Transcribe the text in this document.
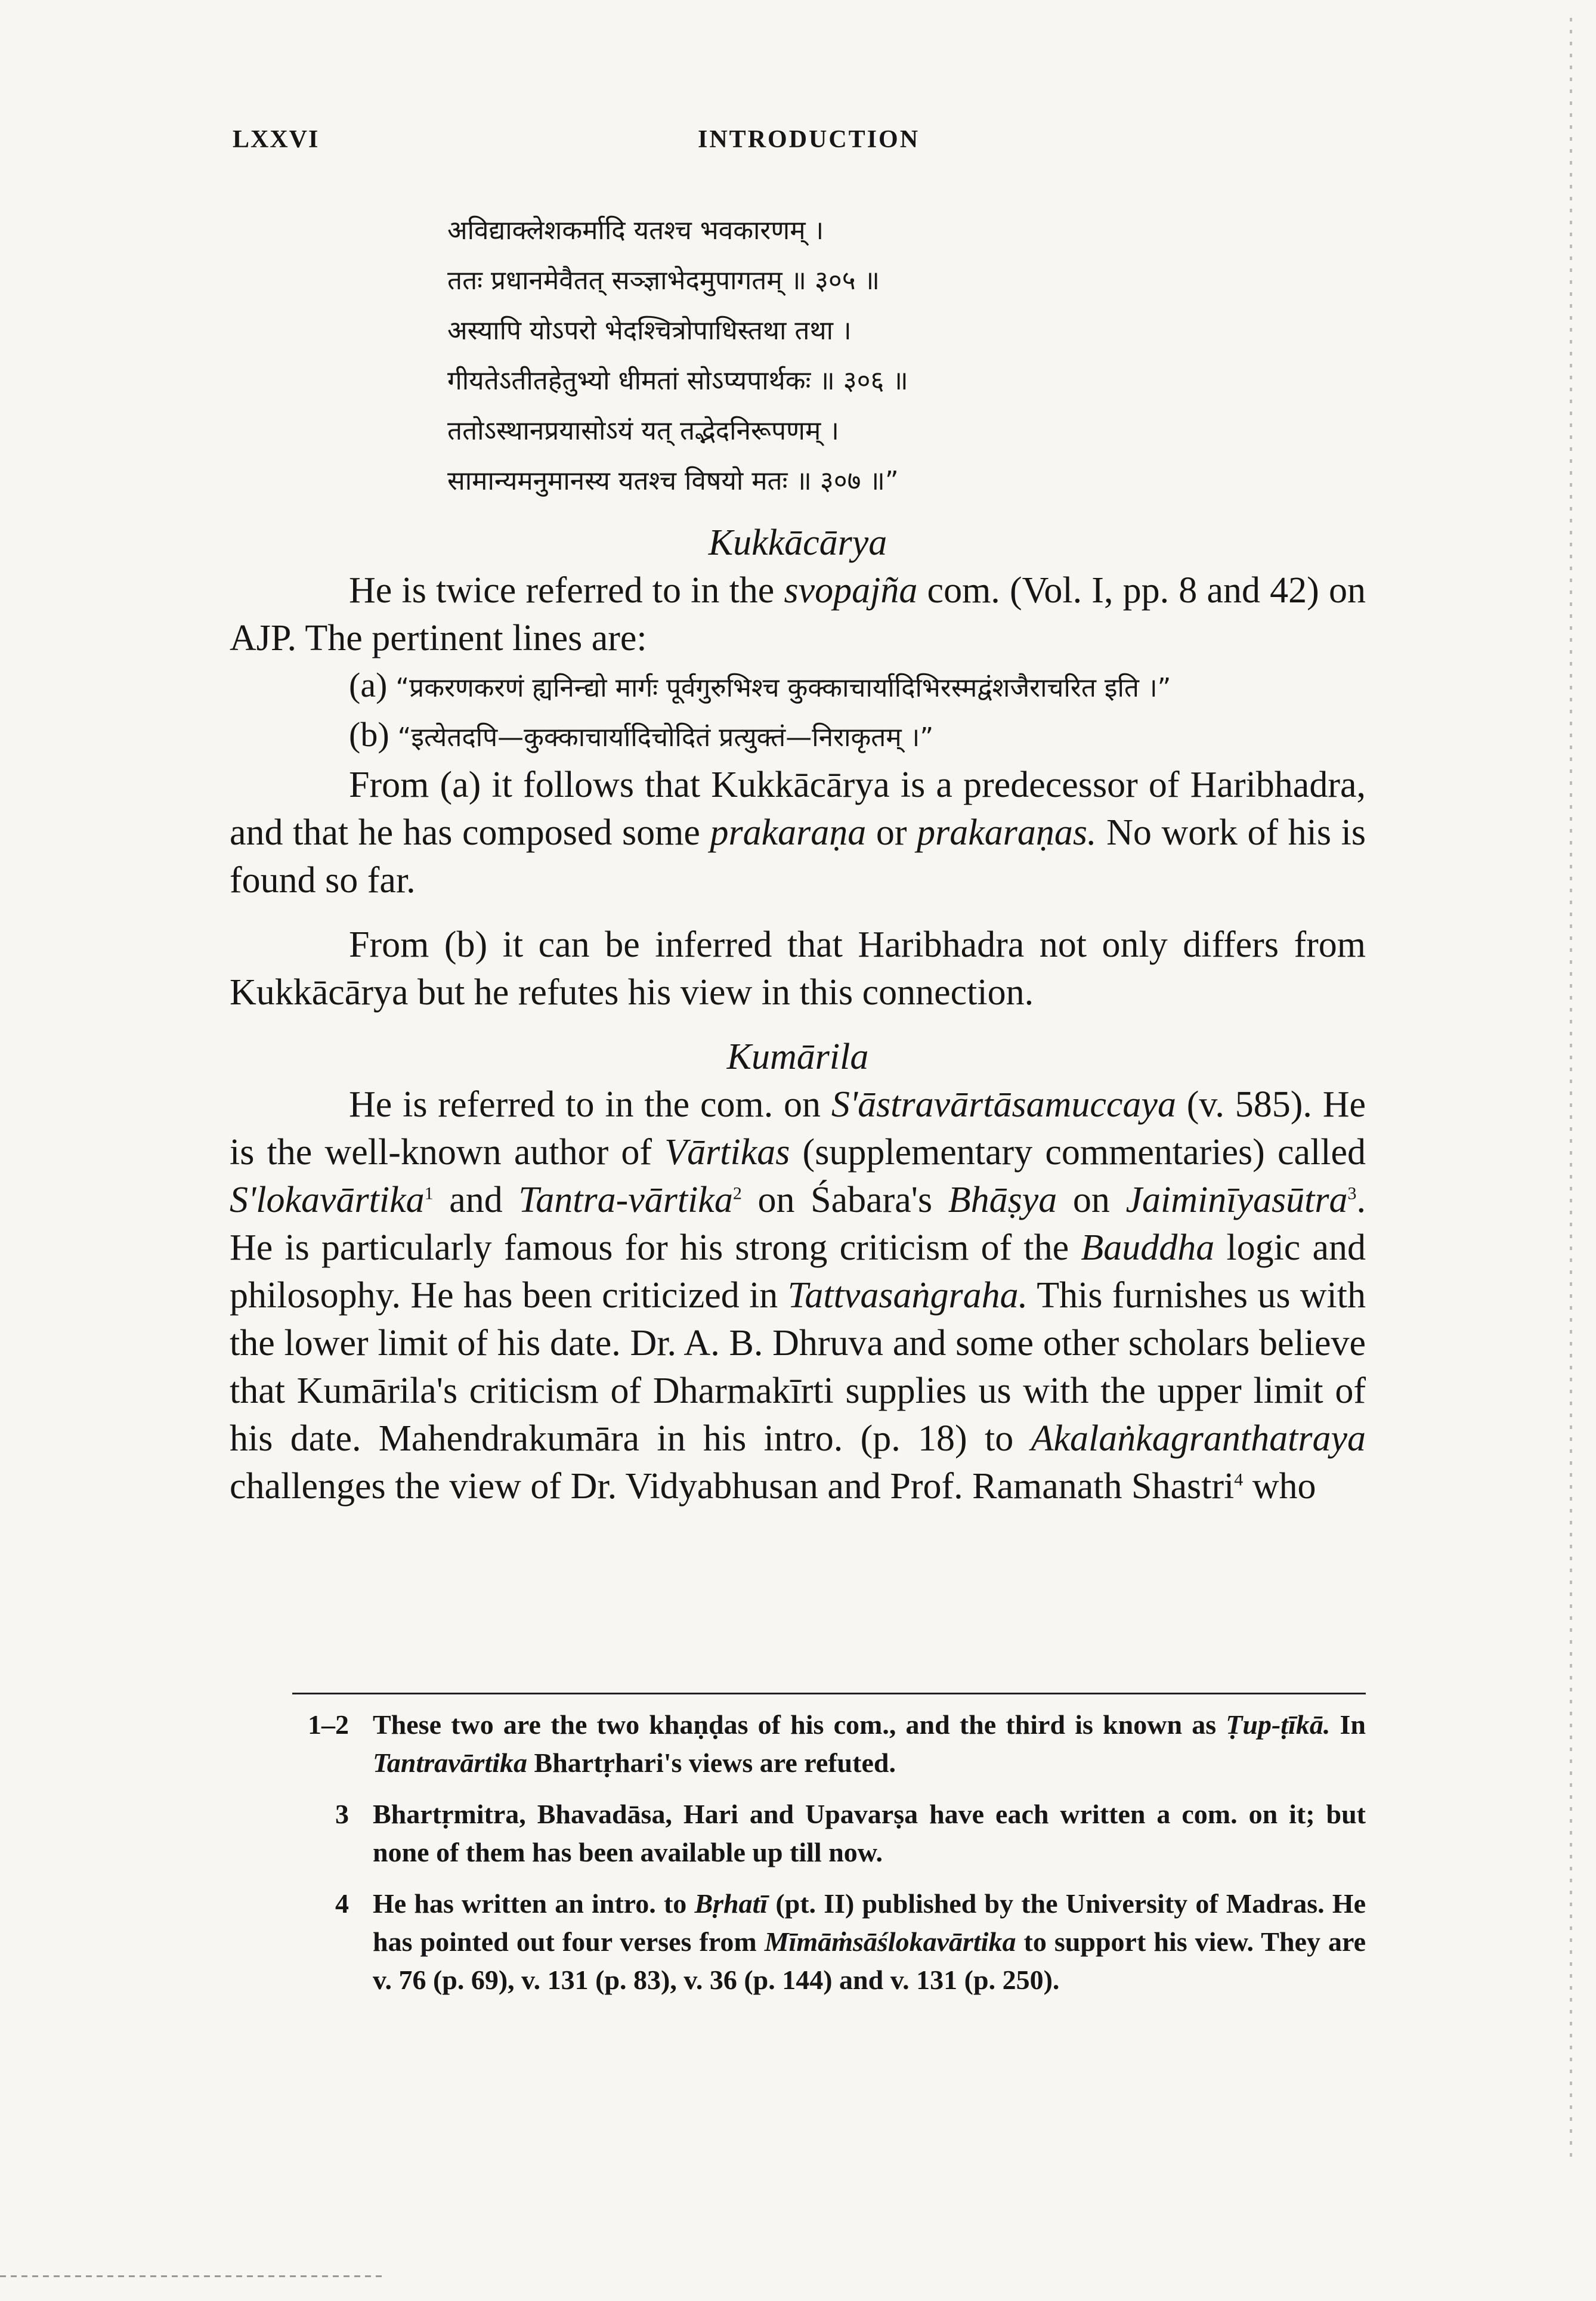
LXXVI	INTRODUCTION
अविद्याक्लेशकर्मादि यतश्च भवकारणम् ।
ततः प्रधानमेवैतत् सञ्ज्ञाभेदमुपागतम् ॥ ३०५ ॥
अस्यापि योऽपरो भेदश्चित्रोपाधिस्तथा तथा ।
गीयतेऽतीतहेतुभ्यो धीमतां सोऽप्यपार्थकः ॥ ३०६ ॥
ततोऽस्थानप्रयासोऽयं यत् तद्भेदनिरूपणम् ।
सामान्यमनुमानस्य यतश्च विषयो मतः ॥ ३०७ ॥”

Kukkācārya

He is twice referred to in the svopajña com. (Vol. I, pp. 8 and 42) on AJP. The pertinent lines are:

(a) “प्रकरणकरणं ह्यनिन्द्यो मार्गः पूर्वगुरुभिश्च कुक्काचार्यादिभिरस्मद्वंशजैराचरित इति ।”
(b) “इत्येतदपि—कुक्काचार्यादिचोदितं प्रत्युक्तं—निराकृतम् ।”

From (a) it follows that Kukkācārya is a predecessor of Haribhadra, and that he has composed some prakaraṇa or prakaraṇas. No work of his is found so far.

From (b) it can be inferred that Haribhadra not only differs from Kukkācārya but he refutes his view in this connection.

Kumārila

He is referred to in the com. on S'āstravārtāsamuccaya (v. 585). He is the well-known author of Vārtikas (supplementary commentaries) called S'lokavārtika$^1$ and Tantra-vārtika$^2$ on Śabara's Bhāṣya on Jaiminīyasūtra$^3$. He is particularly famous for his strong criticism of the Bauddha logic and philosophy. He has been criticized in Tattvasaṅgraha. This furnishes us with the lower limit of his date. Dr. A. B. Dhruva and some other scholars believe that Kumārila's criticism of Dharmakīrti supplies us with the upper limit of his date. Mahendrakumāra in his intro. (p. 18) to Akalaṅkagranthatraya challenges the view of Dr. Vidyabhusan and Prof. Ramanath Shastri$^4$ who

1–2 These two are the two khaṇḍas of his com., and the third is known as Ṭup-ṭīkā. In Tantravārtika Bhartṛhari's views are refuted.
3 Bhartṛmitra, Bhavadāsa, Hari and Upavarṣa have each written a com. on it; but none of them has been available up till now.
4 He has written an intro. to Bṛhatī (pt. II) published by the University of Madras. He has pointed out four verses from Mīmāṁsāślokavārtika to support his view. They are v. 76 (p. 69), v. 131 (p. 83), v. 36 (p. 144) and v. 131 (p. 250).
